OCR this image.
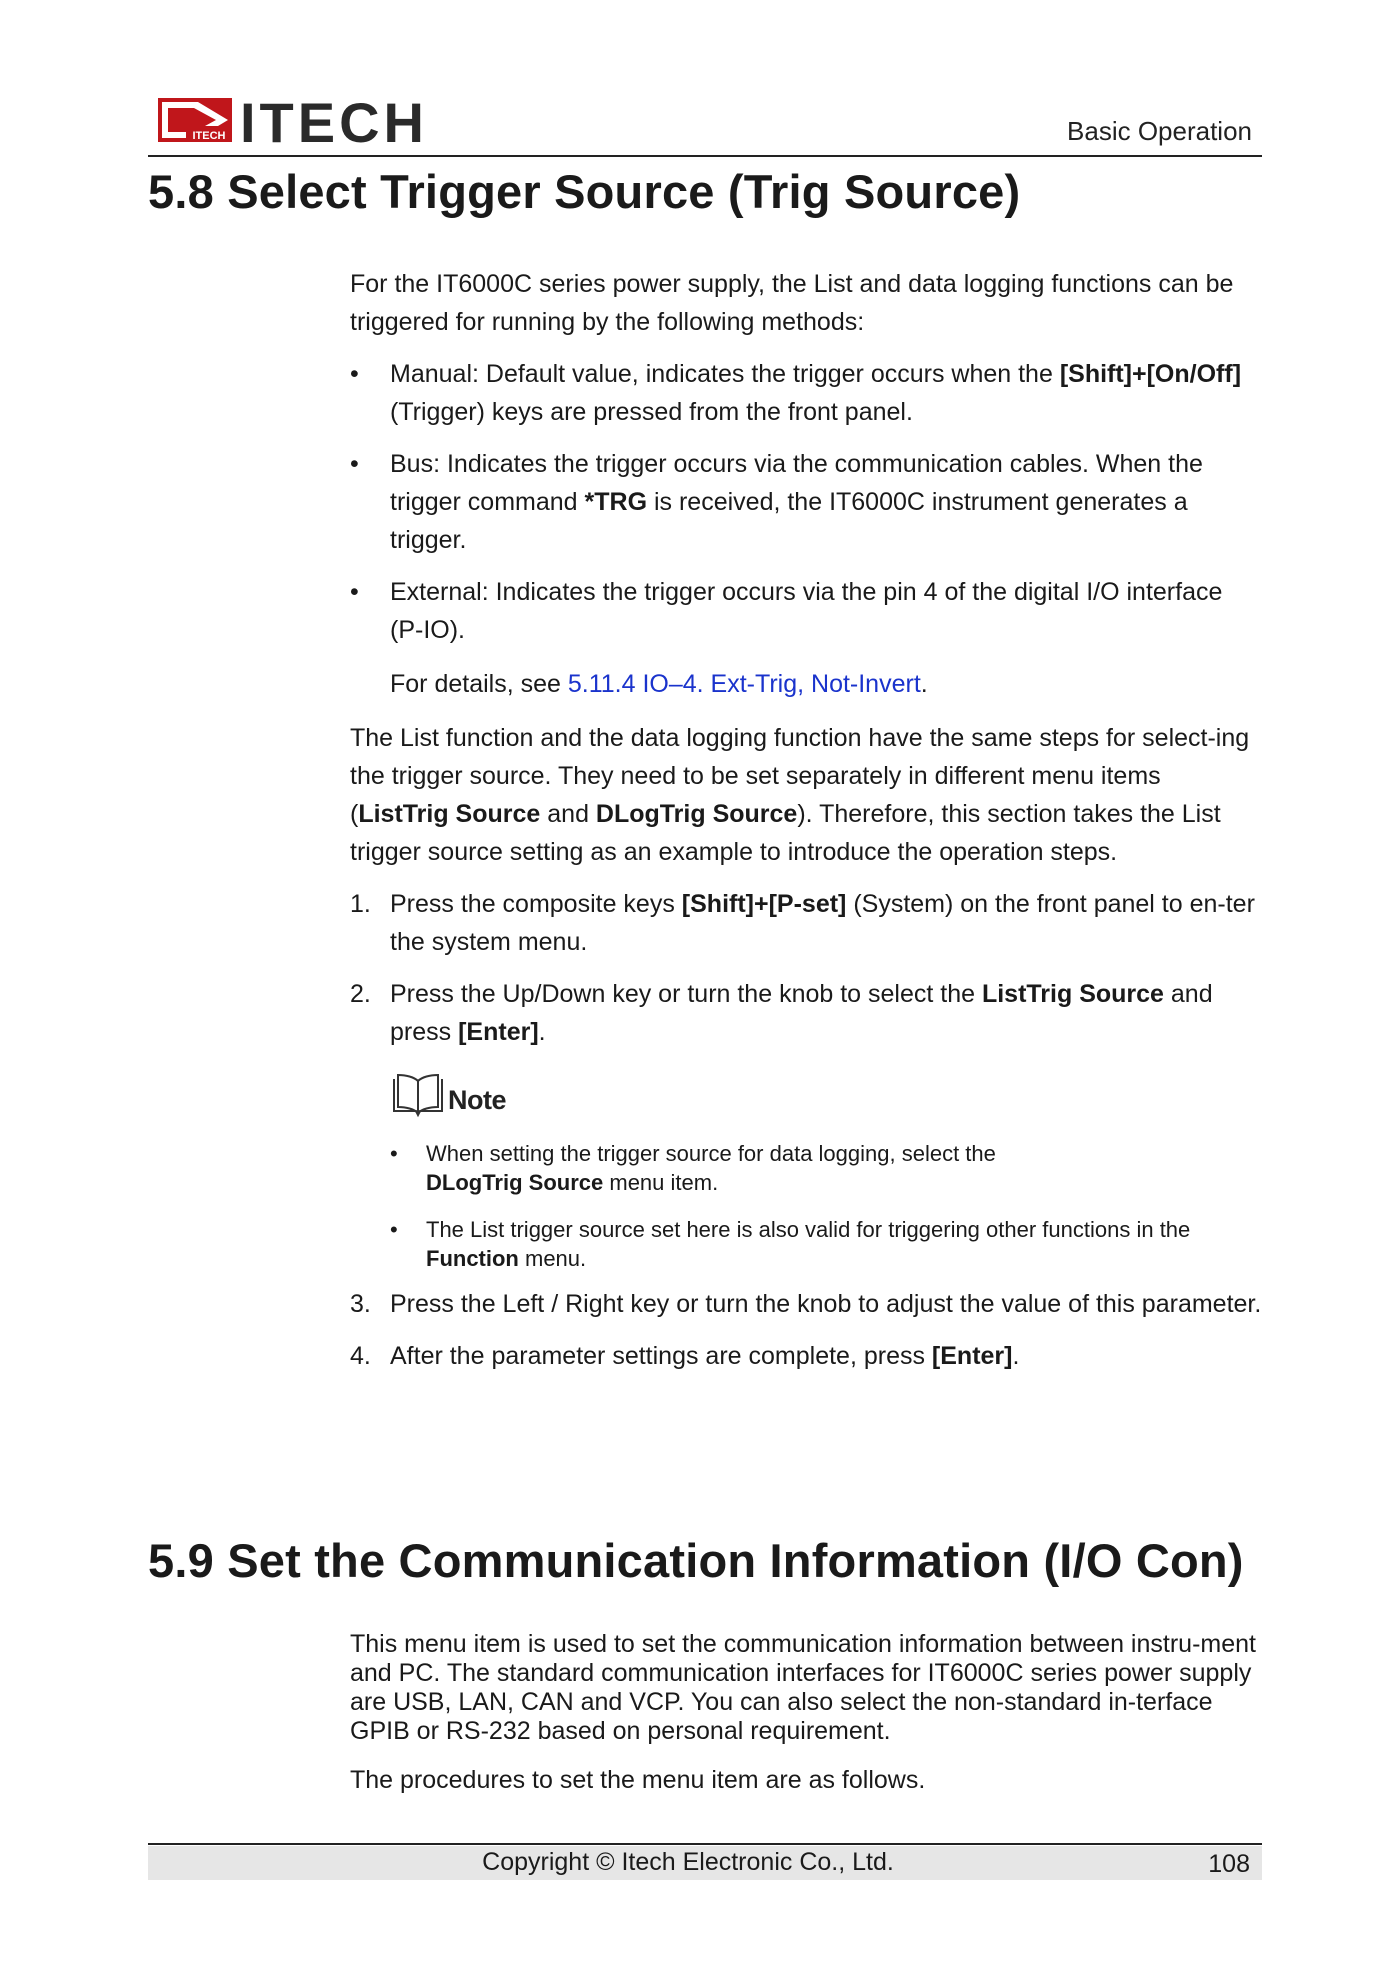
ITECH ITECH	Basic Operation
5.8 Select Trigger Source (Trig Source)

For the IT6000C series power supply, the List and data logging functions can be triggered for running by the following methods:

• Manual: Default value, indicates the trigger occurs when the [Shift]+[On/Off] (Trigger) keys are pressed from the front panel.
• Bus: Indicates the trigger occurs via the communication cables. When the trigger command *TRG is received, the IT6000C instrument generates a trigger.
• External: Indicates the trigger occurs via the pin 4 of the digital I/O interface (P-IO).
For details, see 5.11.4 IO–4. Ext-Trig, Not-Invert.

The List function and the data logging function have the same steps for select-ing the trigger source. They need to be set separately in different menu items (ListTrig Source and DLogTrig Source). Therefore, this section takes the List trigger source setting as an example to introduce the operation steps.

1. Press the composite keys [Shift]+[P-set] (System) on the front panel to en-ter the system menu.
2. Press the Up/Down key or turn the knob to select the ListTrig Source and press [Enter].
Note
• When setting the trigger source for data logging, select the
DLogTrig Source menu item.
• The List trigger source set here is also valid for triggering other functions in the Function menu.
3. Press the Left / Right key or turn the knob to adjust the value of this parameter.
4. After the parameter settings are complete, press [Enter].
5.9 Set the Communication Information (I/O Con)

This menu item is used to set the communication information between instru-ment and PC. The standard communication interfaces for IT6000C series power supply are USB, LAN, CAN and VCP. You can also select the non-standard in-terface GPIB or RS-232 based on personal requirement.

The procedures to set the menu item are as follows.

Copyright © Itech Electronic Co., Ltd.	108
